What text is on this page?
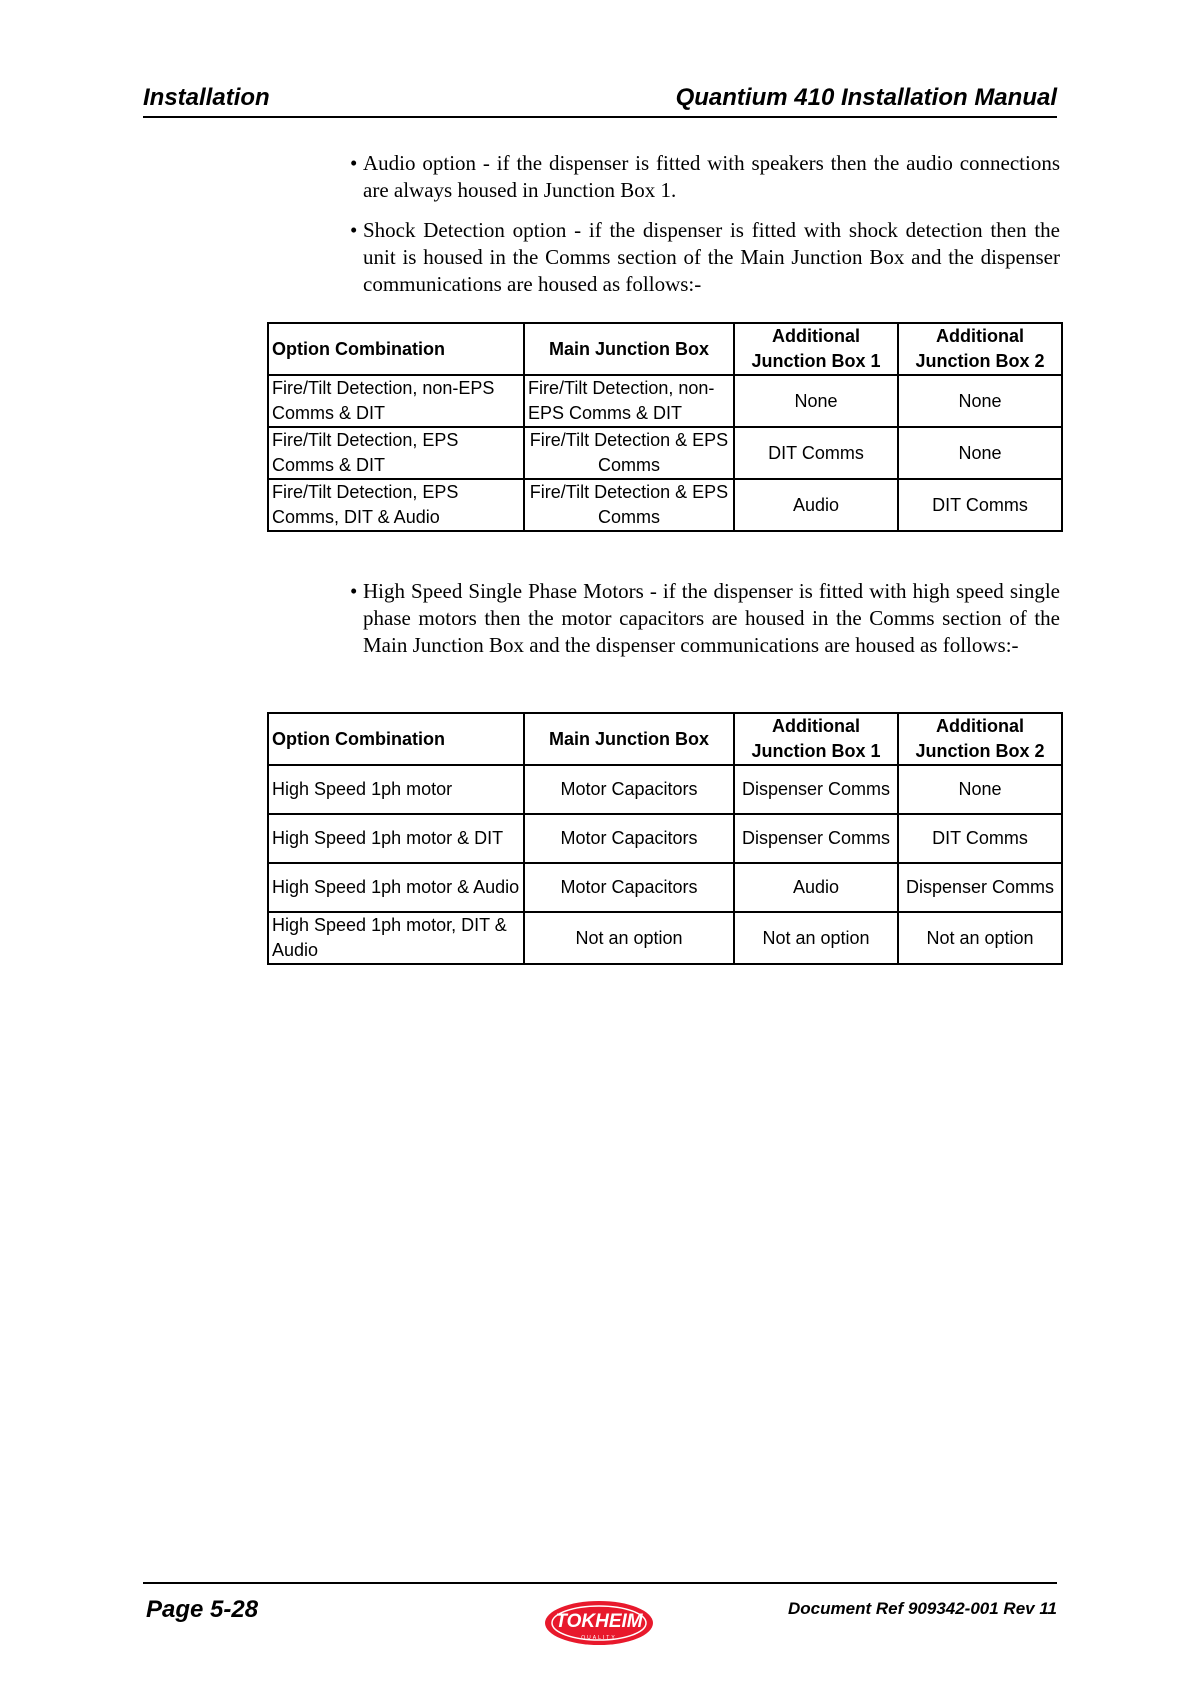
Installation	Quantium 410 Installation Manual
• Audio option - if the dispenser is fitted with speakers then the audio connections are always housed in Junction Box 1.
• Shock Detection option - if the dispenser is fitted with shock detection then the unit is housed in the Comms section of the Main Junction Box and the dispenser communications are housed as follows:-
Option Combination	Main Junction Box	Additional Junction Box 1	Additional Junction Box 2
Fire/Tilt Detection, non-EPS Comms & DIT	Fire/Tilt Detection, non-EPS Comms & DIT	None	None
Fire/Tilt Detection, EPS Comms & DIT	Fire/Tilt Detection & EPS Comms	DIT Comms	None
Fire/Tilt Detection, EPS Comms, DIT & Audio	Fire/Tilt Detection & EPS Comms	Audio	DIT Comms
• High Speed Single Phase Motors - if the dispenser is fitted with high speed single phase motors then the motor capacitors are housed in the Comms section of the Main Junction Box and the dispenser communications are housed as follows:-
Option Combination	Main Junction Box	Additional Junction Box 1	Additional Junction Box 2
High Speed 1ph motor	Motor Capacitors	Dispenser Comms	None
High Speed 1ph motor & DIT	Motor Capacitors	Dispenser Comms	DIT Comms
High Speed 1ph motor & Audio	Motor Capacitors	Audio	Dispenser Comms
High Speed 1ph motor, DIT & Audio	Not an option	Not an option	Not an option
Page 5-28	TOKHEIM
QUALITY
Document Ref 909342-001 Rev 11
